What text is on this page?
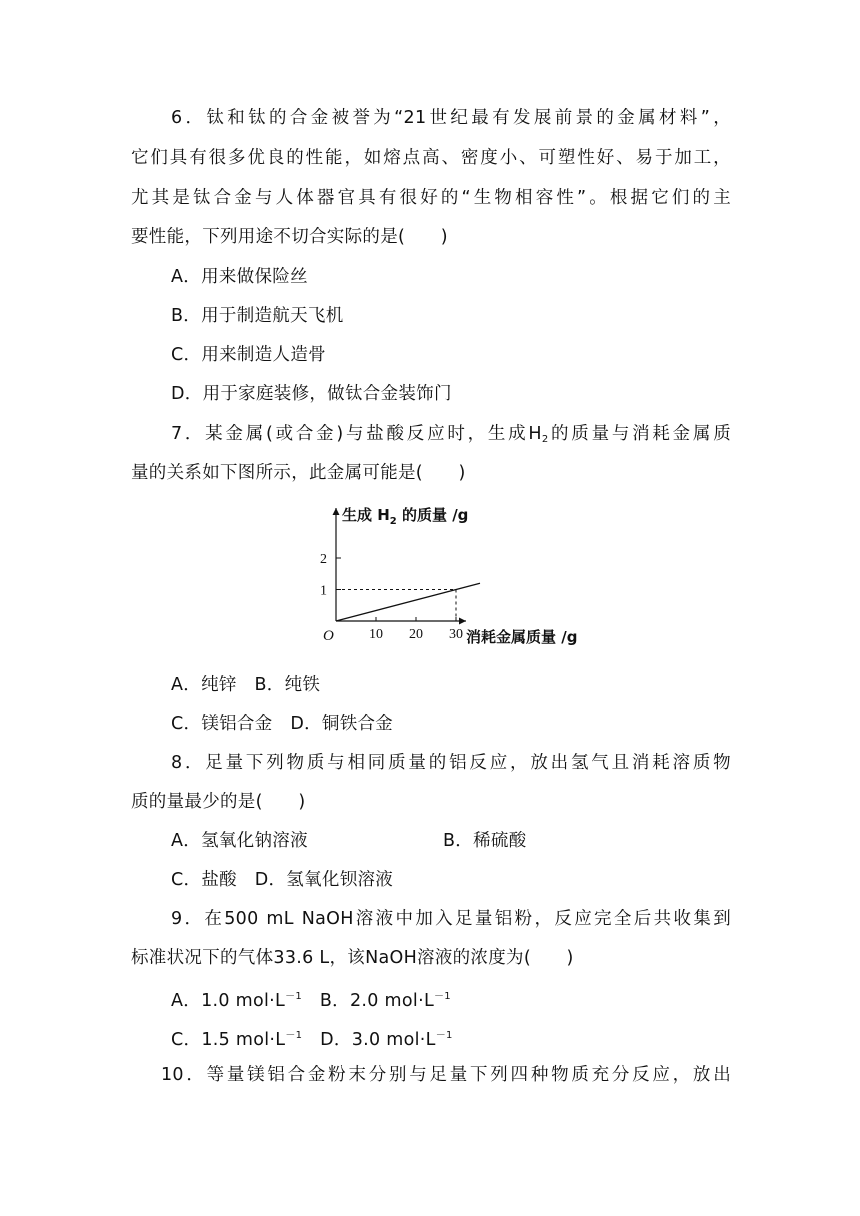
6．钛和钛的合金被誉为“21世纪最有发展前景的金属材料”，
它们具有很多优良的性能，如熔点高、密度小、可塑性好、易于加工，
尤其是钛合金与人体器官具有很好的“生物相容性”。根据它们的主
要性能，下列用途不切合实际的是(　　)
A．用来做保险丝
B．用于制造航天飞机
C．用来制造人造骨
D．用于家庭装修，做钛合金装饰门
7．某金属(或合金)与盐酸反应时，生成$H_2$的质量与消耗金属质
量的关系如下图所示，此金属可能是(　　)
10 20 30
1
2
生成 $H_2$ 的质量 /g
消耗金属质量 /g
O
A．纯锌　B．纯铁
C．镁铝合金　D．铜铁合金
8．足量下列物质与相同质量的铝反应，放出氢气且消耗溶质物
质的量最少的是(　　)
A．氢氧化钠溶液	B．稀硫酸
C．盐酸　D．氢氧化钡溶液
9．在500 mL NaOH溶液中加入足量铝粉，反应完全后共收集到
标准状况下的气体33.6 L，该NaOH溶液的浓度为(　　)
A．1.0 $mol\cdot L^{-1}$　B．2.0 $mol\cdot L^{-1}$
C．1.5 $mol\cdot L^{-1}$　D．3.0 $mol\cdot L^{-1}$
10．等量镁铝合金粉末分别与足量下列四种物质充分反应，放出
